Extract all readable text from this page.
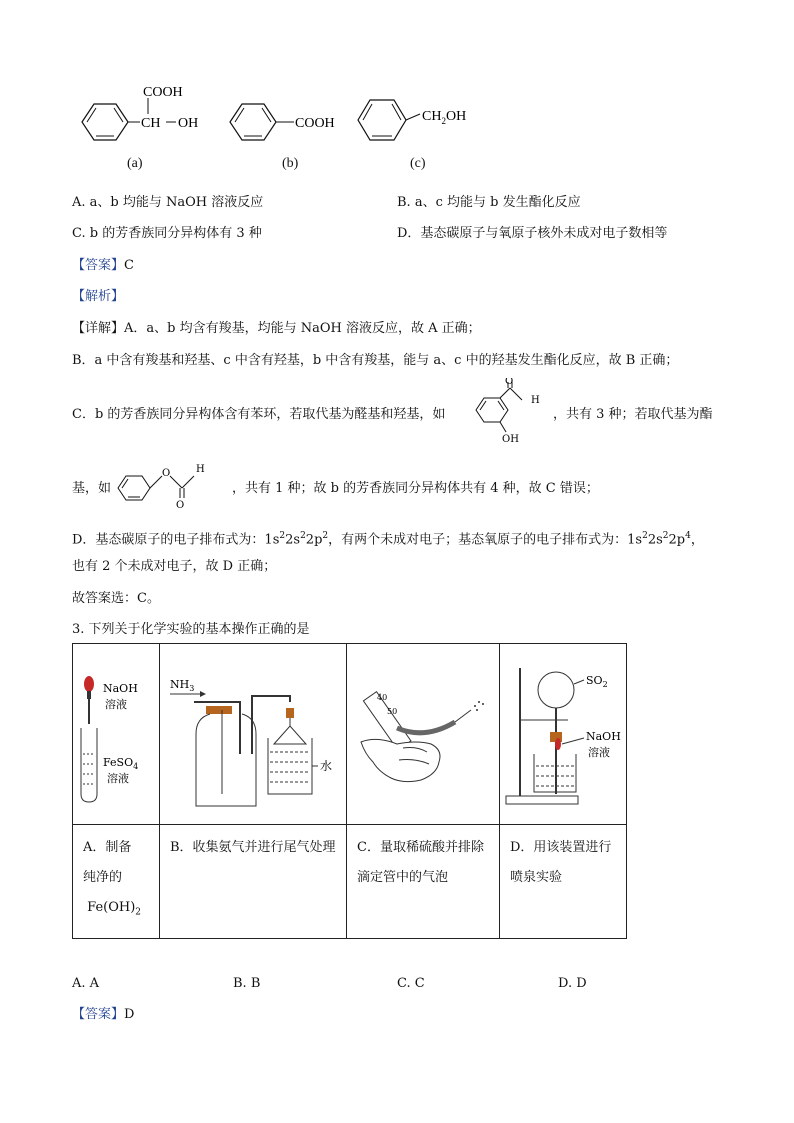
COOH
CH OH
(a)
COOH
(b)
$CH_2OH$
(c)
A. a、b 均能与 NaOH 溶液反应	B. a、c 均能与 b 发生酯化反应
C. b 的芳香族同分异构体有 3 种	D．基态碳原子与氧原子核外未成对电子数相等
【答案】C
【解析】
【详解】A．a、b 均含有羧基，均能与 NaOH 溶液反应，故 A 正确；
B．a 中含有羧基和羟基、c 中含有羟基，b 中含有羧基，能与 a、c 中的羟基发生酯化反应，故 B 正确；
C．b 的芳香族同分异构体含有苯环，若取代基为醛基和羟基，如
O
H
OH
，共有 3 种；若取代基为酯
基，如
O	H
O
，共有 1 种；故 b 的芳香族同分异构体共有 4 种，故 C 错误；
D．基态碳原子的电子排布式为：$1s^22s^22p^2$，有两个未成对电子；基态氧原子的电子排布式为：$1s^22s^22p^4$，
也有 2 个未成对电子，故 D 正确；
故答案选：C。
3. 下列关于化学实验的基本操作正确的是
NaOH
溶液
FeSO4
溶液	NH3
水	40
50	SO2
NaOH
溶液

A．制备纯净的
$Fe(OH)_2$	B．收集氨气并进行尾气处理	C．量取稀硫酸并排除滴定管中的气泡	D．用该装置进行喷泉实验
A. A	B. B	C. C	D. D
【答案】D
